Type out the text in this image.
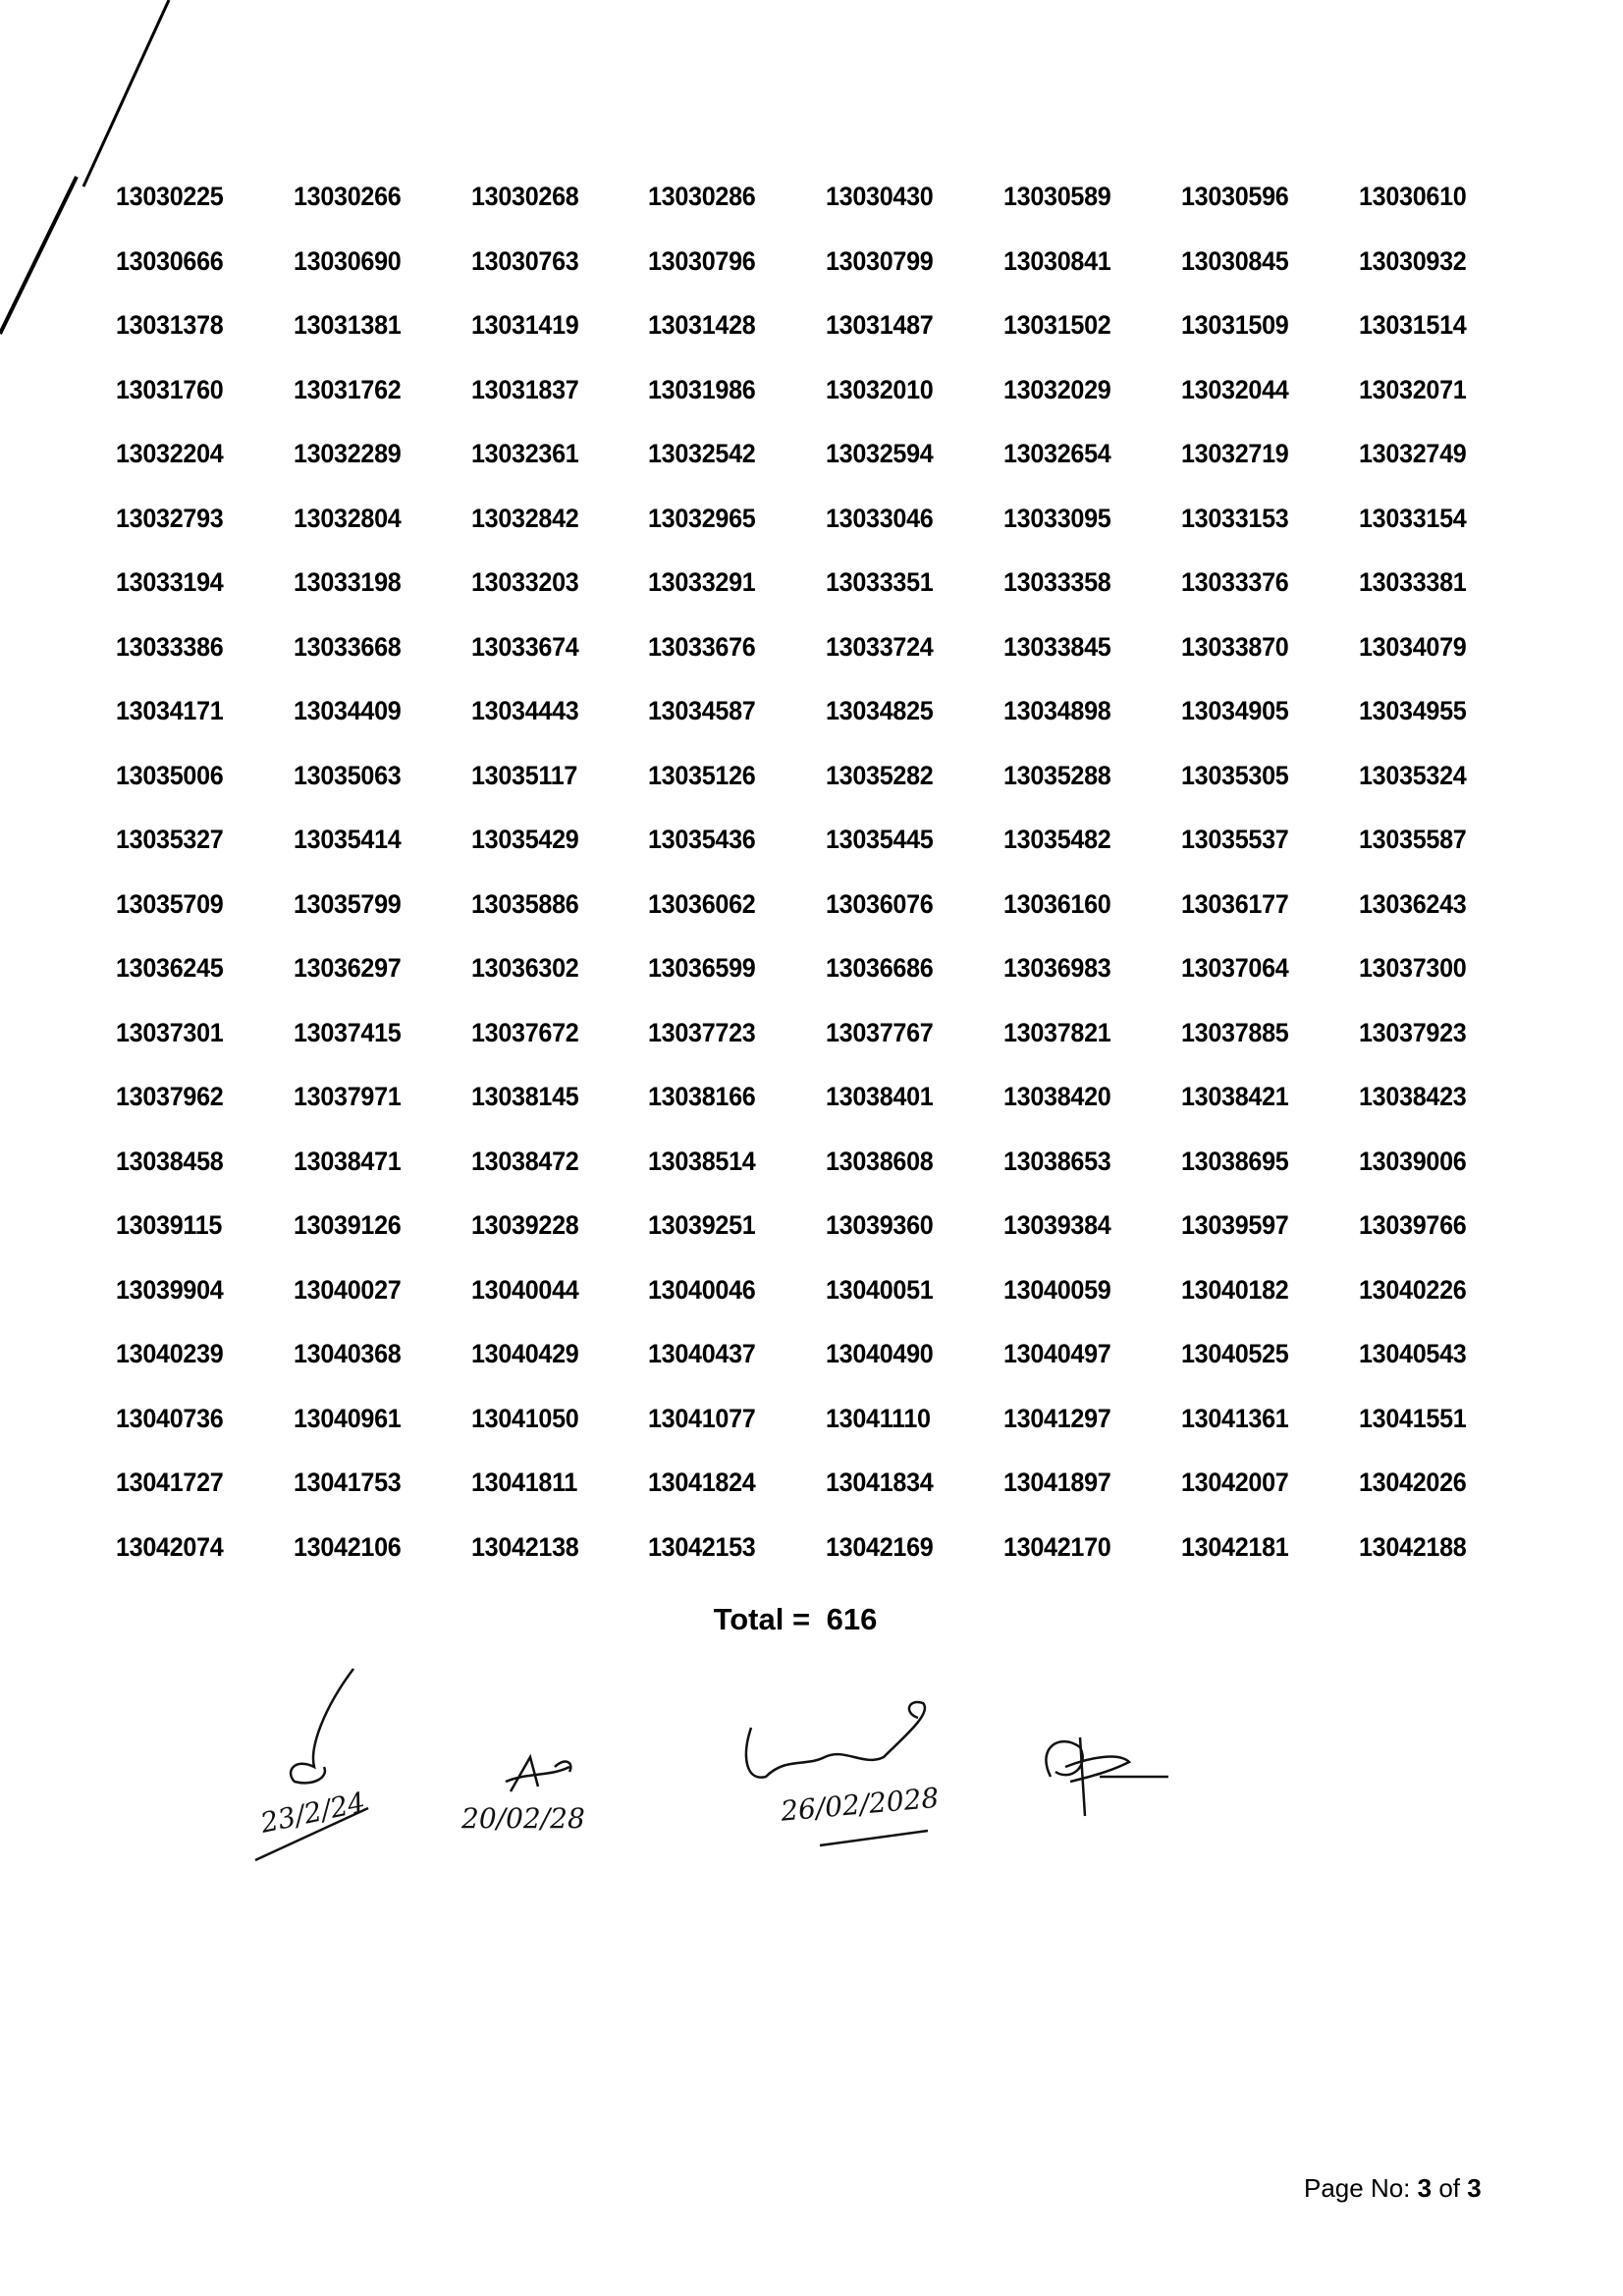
13030225	13030266	13030268	13030286	13030430	13030589	13030596	13030610
13030666	13030690	13030763	13030796	13030799	13030841	13030845	13030932
13031378	13031381	13031419	13031428	13031487	13031502	13031509	13031514
13031760	13031762	13031837	13031986	13032010	13032029	13032044	13032071
13032204	13032289	13032361	13032542	13032594	13032654	13032719	13032749
13032793	13032804	13032842	13032965	13033046	13033095	13033153	13033154
13033194	13033198	13033203	13033291	13033351	13033358	13033376	13033381
13033386	13033668	13033674	13033676	13033724	13033845	13033870	13034079
13034171	13034409	13034443	13034587	13034825	13034898	13034905	13034955
13035006	13035063	13035117	13035126	13035282	13035288	13035305	13035324
13035327	13035414	13035429	13035436	13035445	13035482	13035537	13035587
13035709	13035799	13035886	13036062	13036076	13036160	13036177	13036243
13036245	13036297	13036302	13036599	13036686	13036983	13037064	13037300
13037301	13037415	13037672	13037723	13037767	13037821	13037885	13037923
13037962	13037971	13038145	13038166	13038401	13038420	13038421	13038423
13038458	13038471	13038472	13038514	13038608	13038653	13038695	13039006
13039115	13039126	13039228	13039251	13039360	13039384	13039597	13039766
13039904	13040027	13040044	13040046	13040051	13040059	13040182	13040226
13040239	13040368	13040429	13040437	13040490	13040497	13040525	13040543
13040736	13040961	13041050	13041077	13041110	13041297	13041361	13041551
13041727	13041753	13041811	13041824	13041834	13041897	13042007	13042026
13042074	13042106	13042138	13042153	13042169	13042170	13042181	13042188
Total = 616
23/2/24	20/02/28	26/02/2028
Page No: 3 of 3
